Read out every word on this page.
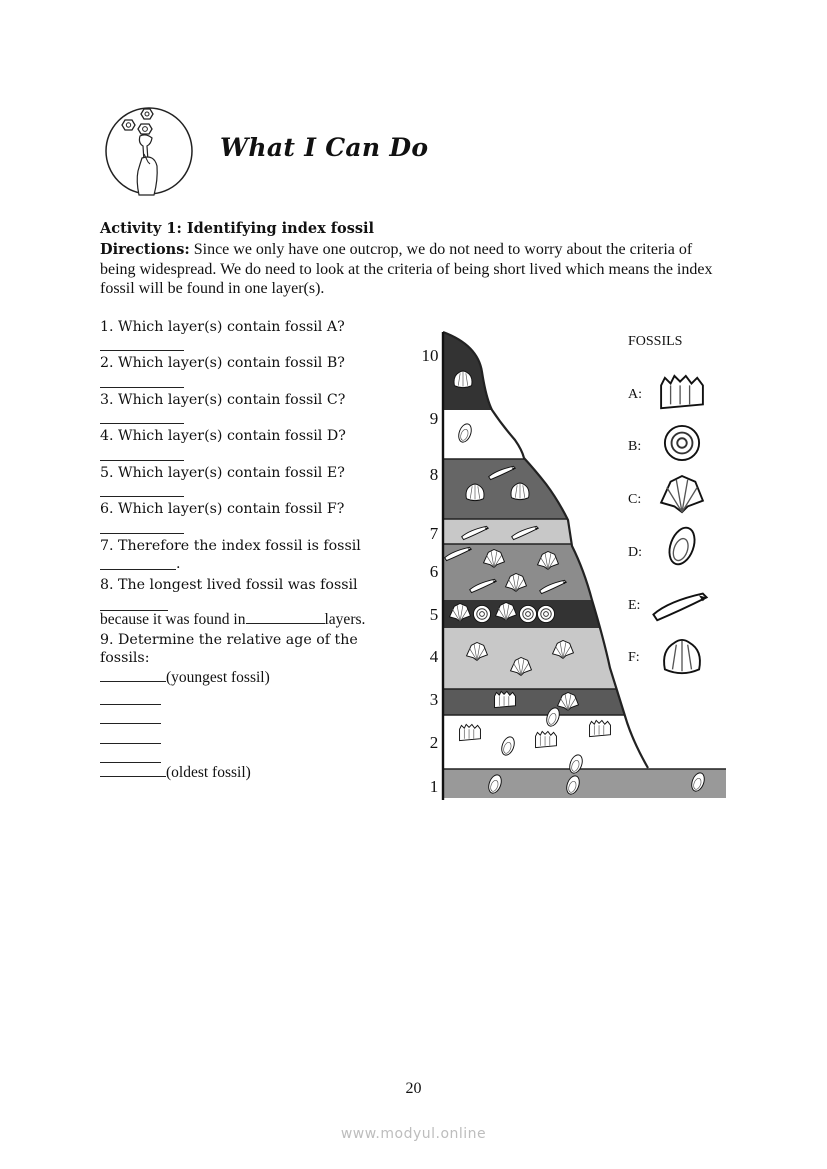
What I Can Do
Activity 1: Identifying index fossil
Directions: Since we only have one outcrop, we do not need to worry about the criteria of being widespread. We do need to look at the criteria of being short lived which means the index fossil will be found in one layer(s).
1. Which layer(s) contain fossil A?
2. Which layer(s) contain fossil B?
3. Which layer(s) contain fossil C?
4. Which layer(s) contain fossil D?
5. Which layer(s) contain fossil E?
6. Which layer(s) contain fossil F?
7. Therefore the index fossil is fossil
.
8. The longest lived fossil was fossil
because it was found in	layers.
9. Determine the relative age of the
fossils:
(youngest fossil)
(oldest fossil)
10
9
8
7
6
5
4
3
2
1
FOSSILS
A:
B:
C:
D:
E:
F:
20
www.modyul.online
